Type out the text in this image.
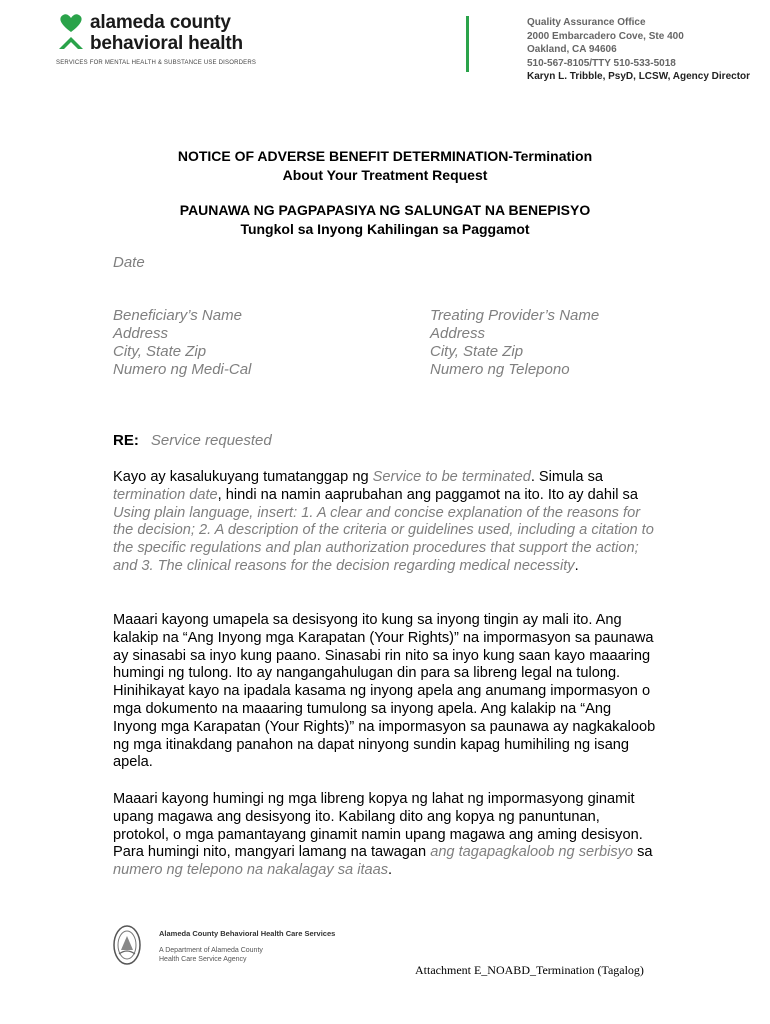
alameda county
behavioral health
SERVICES FOR MENTAL HEALTH & SUBSTANCE USE DISORDERS
Quality Assurance Office
2000 Embarcadero Cove, Ste 400
Oakland, CA 94606
510-567-8105/TTY 510-533-5018
Karyn L. Tribble, PsyD, LCSW, Agency Director
NOTICE OF ADVERSE BENEFIT DETERMINATION-Termination
About Your Treatment Request
PAUNAWA NG PAGPAPASIYA NG SALUNGAT NA BENEPISYO
Tungkol sa Inyong Kahilingan sa Paggamot
Date
Beneficiary’s Name
Address
City, State Zip
Numero ng Medi-Cal
Treating Provider’s Name
Address
City, State Zip
Numero ng Telepono
RE: Service requested
Kayo ay kasalukuyang tumatanggap ng Service to be terminated. Simula sa termination date, hindi na namin aaprubahan ang paggamot na ito. Ito ay dahil sa Using plain language, insert: 1. A clear and concise explanation of the reasons for the decision; 2. A description of the criteria or guidelines used, including a citation to the specific regulations and plan authorization procedures that support the action; and 3. The clinical reasons for the decision regarding medical necessity.
Maaari kayong umapela sa desisyong ito kung sa inyong tingin ay mali ito. Ang kalakip na “Ang Inyong mga Karapatan (Your Rights)” na impormasyon sa paunawa ay sinasabi sa inyo kung paano. Sinasabi rin nito sa inyo kung saan kayo maaaring humingi ng tulong. Ito ay nangangahulugan din para sa libreng legal na tulong. Hinihikayat kayo na ipadala kasama ng inyong apela ang anumang impormasyon o mga dokumento na maaaring tumulong sa inyong apela. Ang kalakip na “Ang Inyong mga Karapatan (Your Rights)” na impormasyon sa paunawa ay nagkakaloob ng mga itinakdang panahon na dapat ninyong sundin kapag humihiling ng isang apela.
Maaari kayong humingi ng mga libreng kopya ng lahat ng impormasyong ginamit upang magawa ang desisyong ito. Kabilang dito ang kopya ng panuntunan, protokol, o mga pamantayang ginamit namin upang magawa ang aming desisyon. Para humingi nito, mangyari lamang na tawagan ang tagapagkaloob ng serbisyo sa numero ng telepono na nakalagay sa itaas.
Alameda County Behavioral Health Care Services
A Department of Alameda County
Health Care Service Agency
Attachment E_NOABD_Termination (Tagalog)
